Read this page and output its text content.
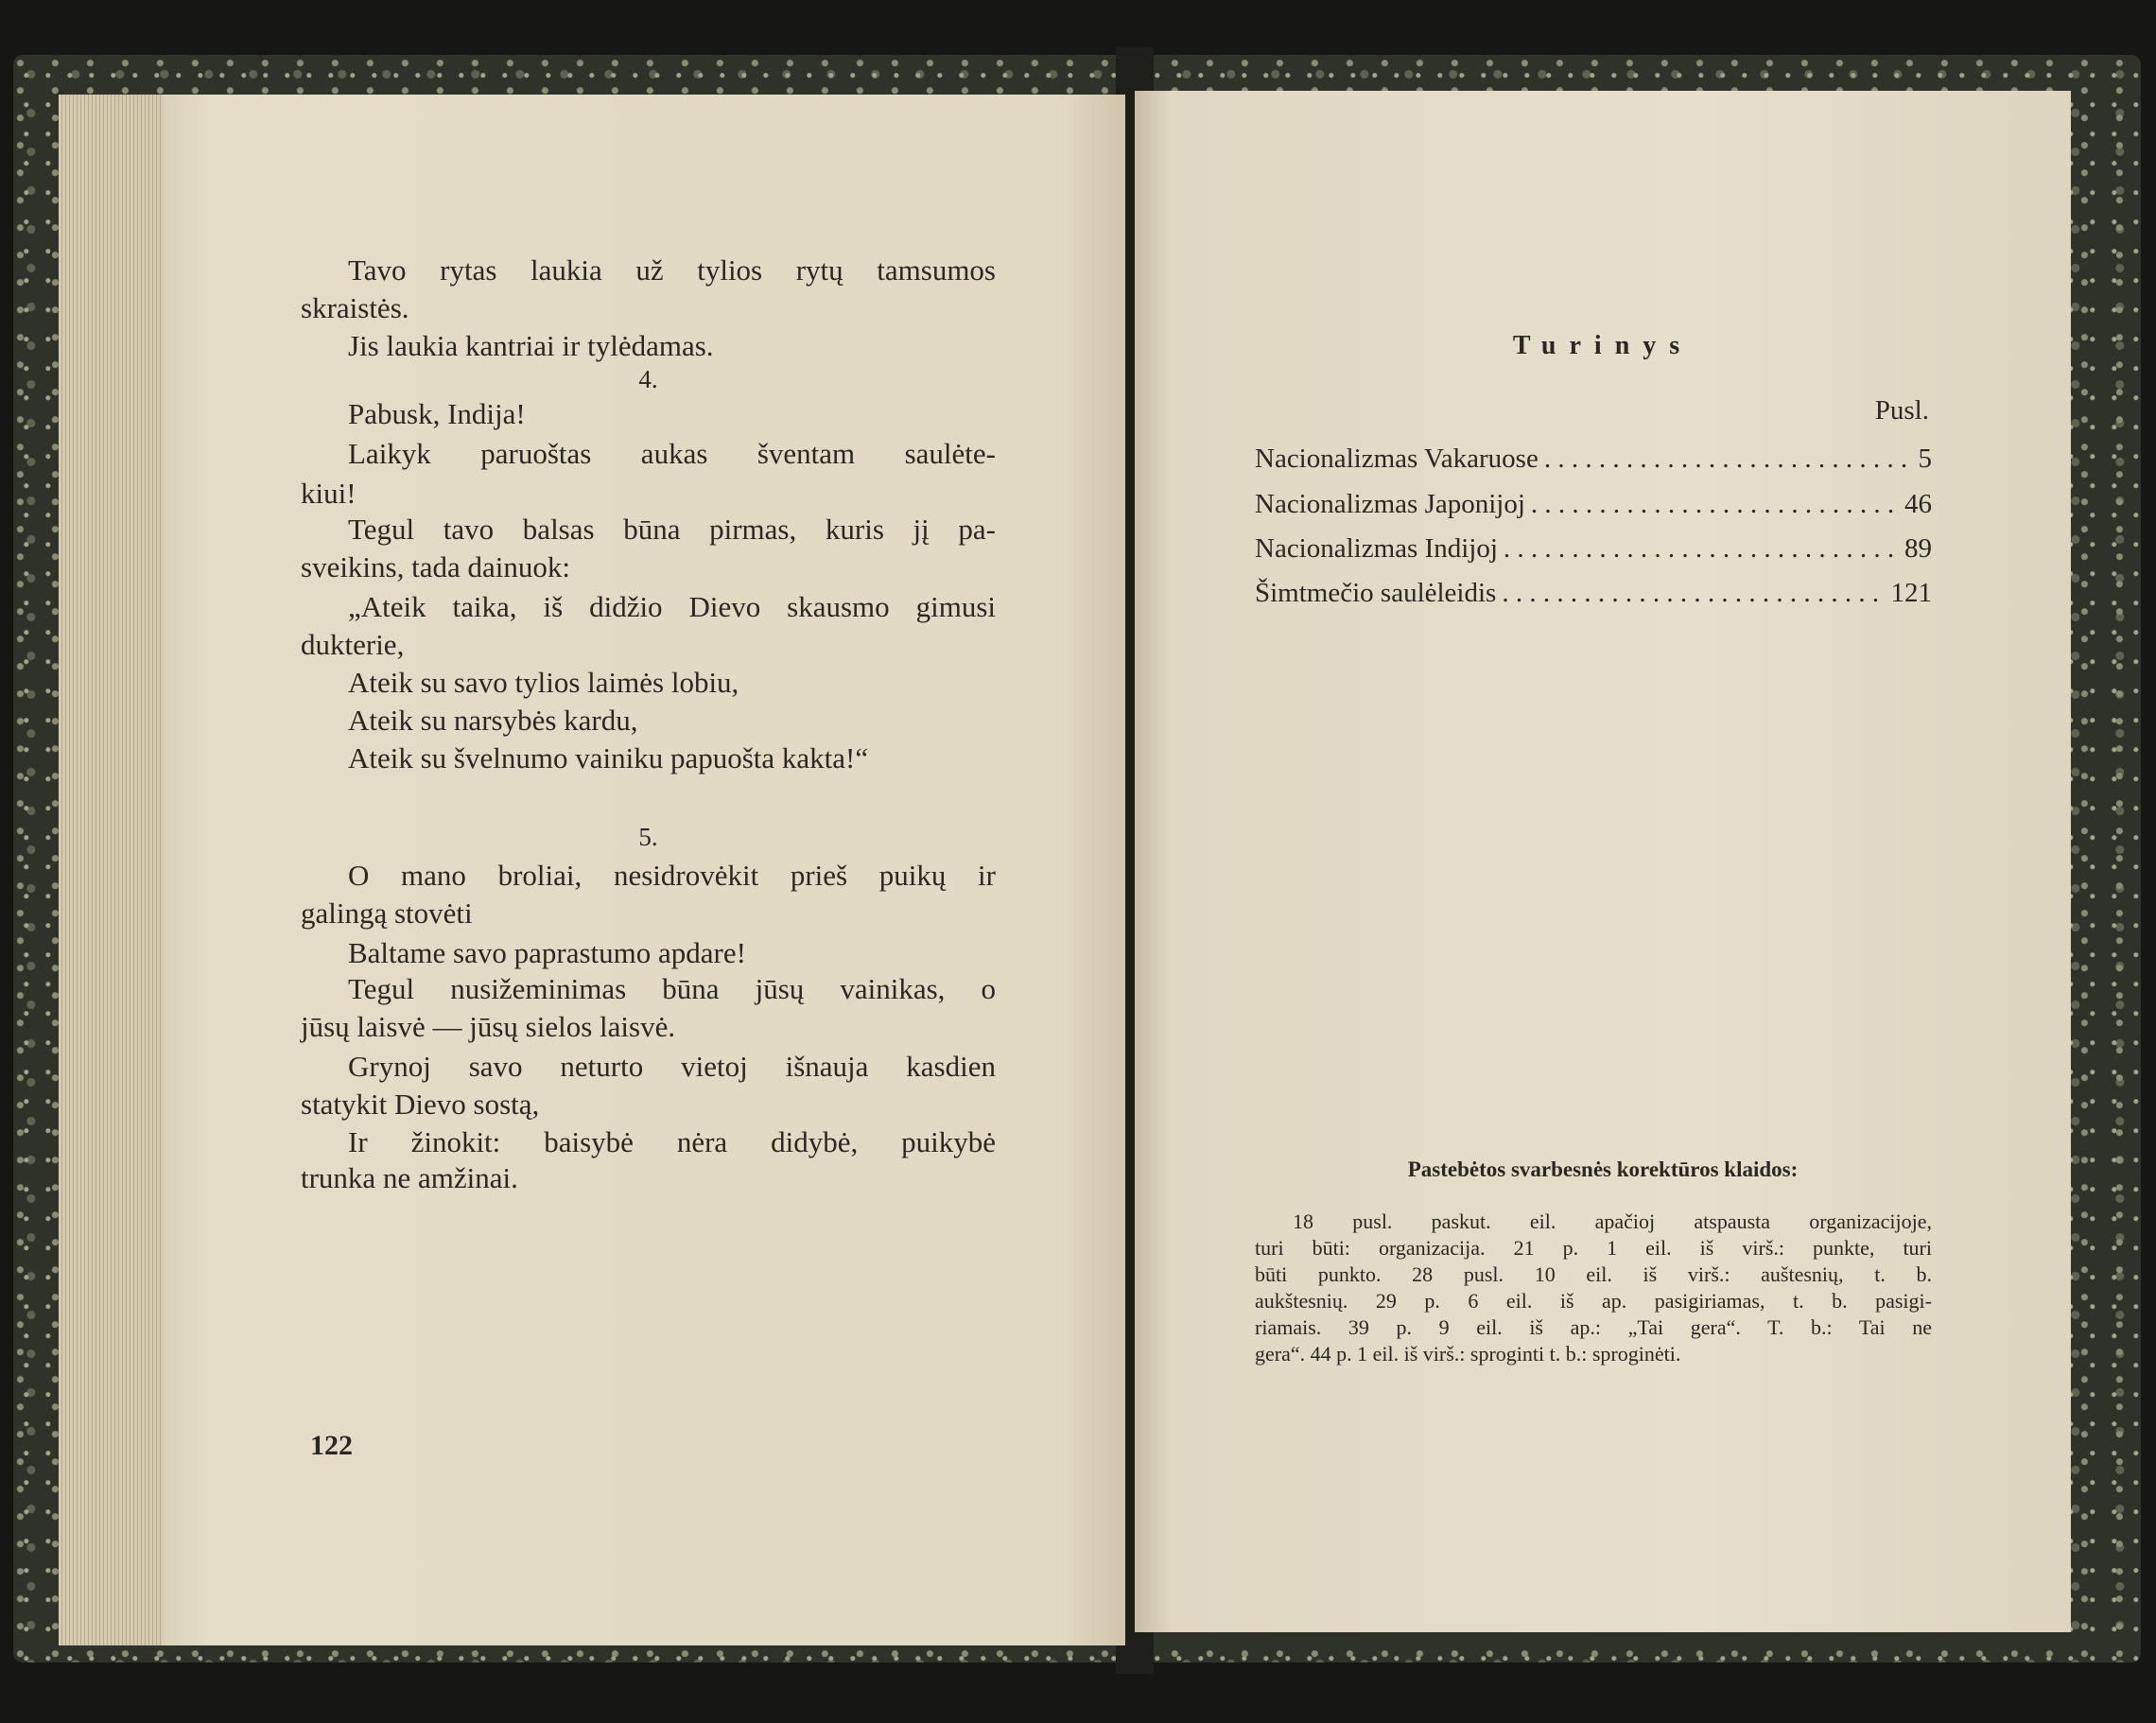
Tavo rytas laukia už tylios rytų tamsumos
skraistės.
Jis laukia kantriai ir tylėdamas.
4.
Pabusk, Indija!
Laikyk paruoštas aukas šventam saulėte-
kiui!
Tegul tavo balsas būna pirmas, kuris jį pa-
sveikins, tada dainuok:
„Ateik taika, iš didžio Dievo skausmo gimusi
dukterie,
Ateik su savo tylios laimės lobiu,
Ateik su narsybės kardu,
Ateik su švelnumo vainiku papuošta kakta!“
5.
O mano broliai, nesidrovėkit prieš puikų ir
galingą stovėti
Baltame savo paprastumo apdare!
Tegul nusižeminimas būna jūsų vainikas, o
jūsų laisvė — jūsų sielos laisvė.
Grynoj savo neturto vietoj išnauja kasdien
statykit Dievo sostą,
Ir žinokit: baisybė nėra didybė, puikybė
trunka ne amžinai.
122
Turinys
Pusl.
Nacionalizmas Vakaruose . . .	5
Nacionalizmas Japonijoj . . .	46
Nacionalizmas Indijoj . . .	89
Šimtmečio saulėleidis . . .	121
Pastebėtos svarbesnės korektūros klaidos:
18 pusl. paskut. eil. apačioj atspausta organizacijoje,
turi būti: organizacija. 21 p. 1 eil. iš virš.: punkte, turi
būti punkto. 28 pusl. 10 eil. iš virš.: auštesnių, t. b.
aukštesnių. 29 p. 6 eil. iš ap. pasigiriamas, t. b. pasigi-
riamais. 39 p. 9 eil. iš ap.: „Tai gera“. T. b.: Tai ne
gera“. 44 p. 1 eil. iš virš.: sproginti t. b.: sproginėti.
